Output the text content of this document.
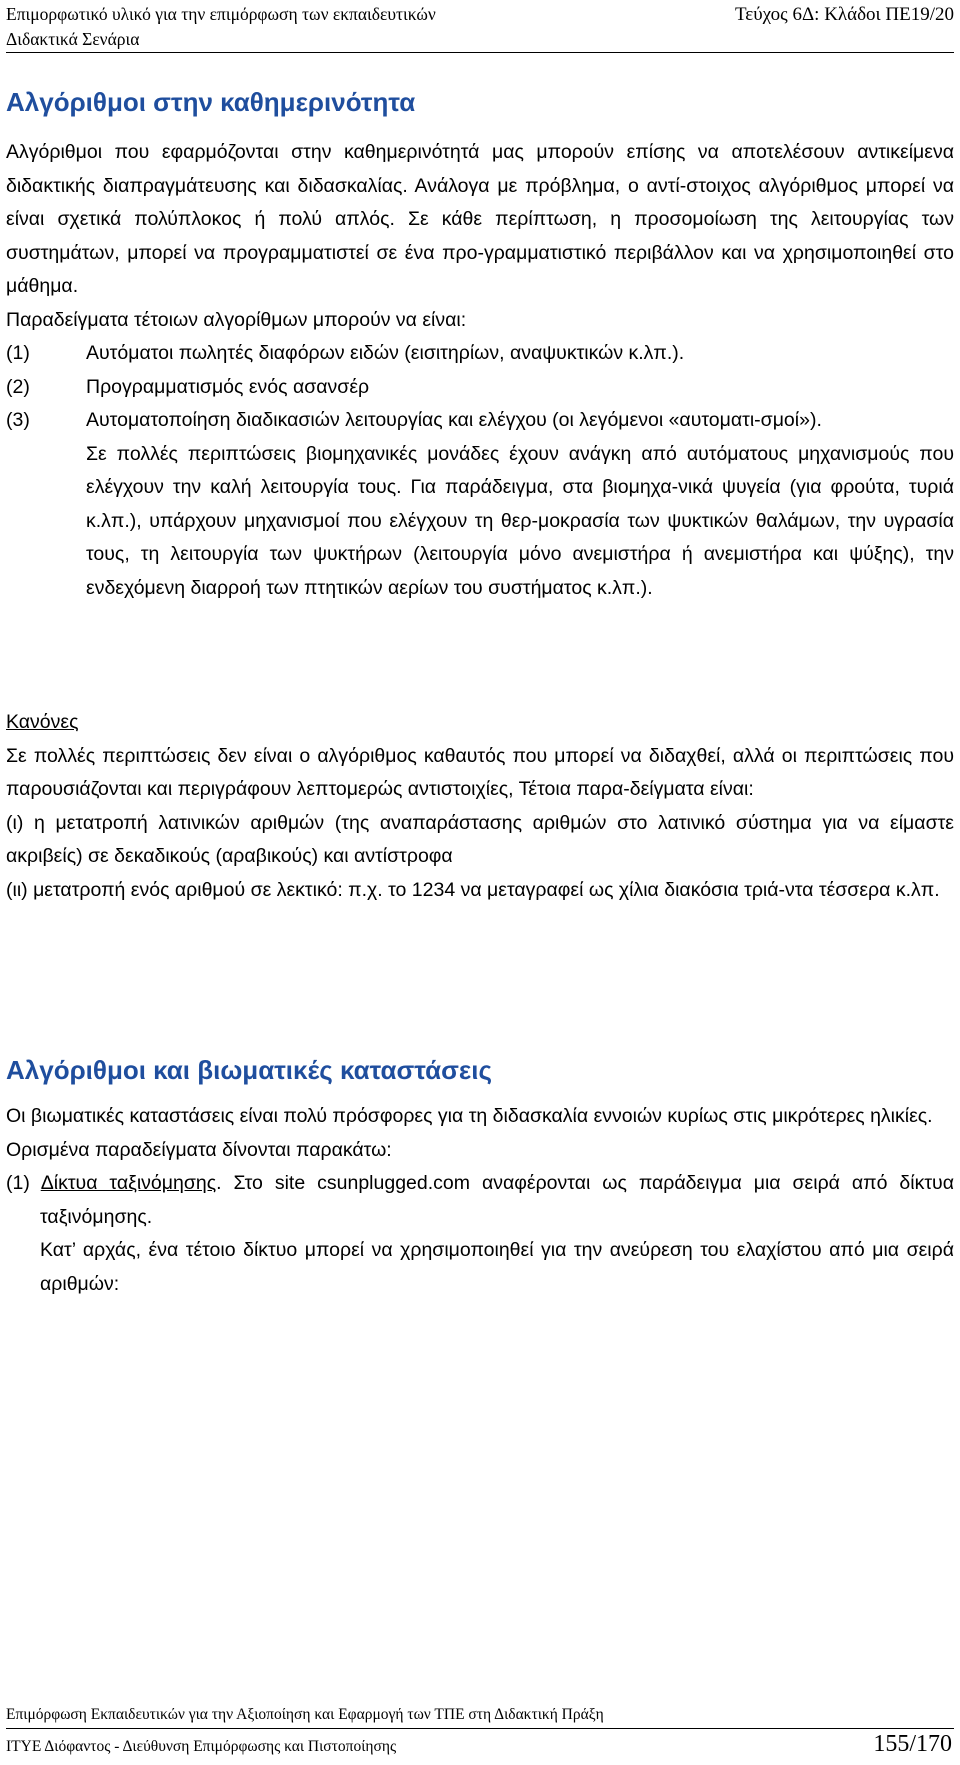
Επιμορφωτικό υλικό για την επιμόρφωση των εκπαιδευτικών
Διδακτικά Σενάρια
Τεύχος 6Δ: Κλάδοι ΠΕ19/20
Αλγόριθμοι στην καθημερινότητα

Αλγόριθμοι που εφαρμόζονται στην καθημερινότητά μας μπορούν επίσης να αποτελέσουν αντικείμενα διδακτικής διαπραγμάτευσης και διδασκαλίας. Ανάλογα με πρόβλημα, ο αντί-στοιχος αλγόριθμος μπορεί να είναι σχετικά πολύπλοκος ή πολύ απλός. Σε κάθε περίπτωση, η προσομοίωση της λειτουργίας των συστημάτων, μπορεί να προγραμματιστεί σε ένα προ-γραμματιστικό περιβάλλον και να χρησιμοποιηθεί στο μάθημα.

Παραδείγματα τέτοιων αλγορίθμων μπορούν να είναι:

(1)	Αυτόματοι πωλητές διαφόρων ειδών (εισιτηρίων, αναψυκτικών κ.λπ.).
(2)	Προγραμματισμός ενός ασανσέρ
(3)	Αυτοματοποίηση διαδικασιών λειτουργίας και ελέγχου (οι λεγόμενοι «αυτοματι-σμοί»).

Σε πολλές περιπτώσεις βιομηχανικές μονάδες έχουν ανάγκη από αυτόματους μηχανισμούς που ελέγχουν την καλή λειτουργία τους. Για παράδειγμα, στα βιομηχα-νικά ψυγεία (για φρούτα, τυριά κ.λπ.), υπάρχουν μηχανισμοί που ελέγχουν τη θερ-μοκρασία των ψυκτικών θαλάμων, την υγρασία τους, τη λειτουργία των ψυκτήρων (λειτουργία μόνο ανεμιστήρα ή ανεμιστήρα και ψύξης), την ενδεχόμενη διαρροή των πτητικών αερίων του συστήματος κ.λπ.).

Κανόνες

Σε πολλές περιπτώσεις δεν είναι ο αλγόριθμος καθαυτός που μπορεί να διδαχθεί, αλλά οι περιπτώσεις που παρουσιάζονται και περιγράφουν λεπτομερώς αντιστοιχίες, Τέτοια παρα-δείγματα είναι:

(ι) η μετατροπή λατινικών αριθμών (της αναπαράστασης αριθμών στο λατινικό σύστημα για να είμαστε ακριβείς) σε δεκαδικούς (αραβικούς) και αντίστροφα

(ιι) μετατροπή ενός αριθμού σε λεκτικό: π.χ. το 1234 να μεταγραφεί ως χίλια διακόσια τριά-ντα τέσσερα κ.λπ.

Αλγόριθμοι και βιωματικές καταστάσεις

Οι βιωματικές καταστάσεις είναι πολύ πρόσφορες για τη διδασκαλία εννοιών κυρίως στις μικρότερες ηλικίες.

Ορισμένα παραδείγματα δίνονται παρακάτω:

(1) Δίκτυα ταξινόμησης. Στο site csunplugged.com αναφέρονται ως παράδειγμα μια σειρά από δίκτυα ταξινόμησης.

Κατ’ αρχάς, ένα τέτοιο δίκτυο μπορεί να χρησιμοποιηθεί για την ανεύρεση του ελαχίστου από μια σειρά αριθμών:

Επιμόρφωση Εκπαιδευτικών για την Αξιοποίηση και Εφαρμογή των ΤΠΕ στη Διδακτική Πράξη
ΙΤΥΕ Διόφαντος - Διεύθυνση Επιμόρφωσης και Πιστοποίησης	155/170
